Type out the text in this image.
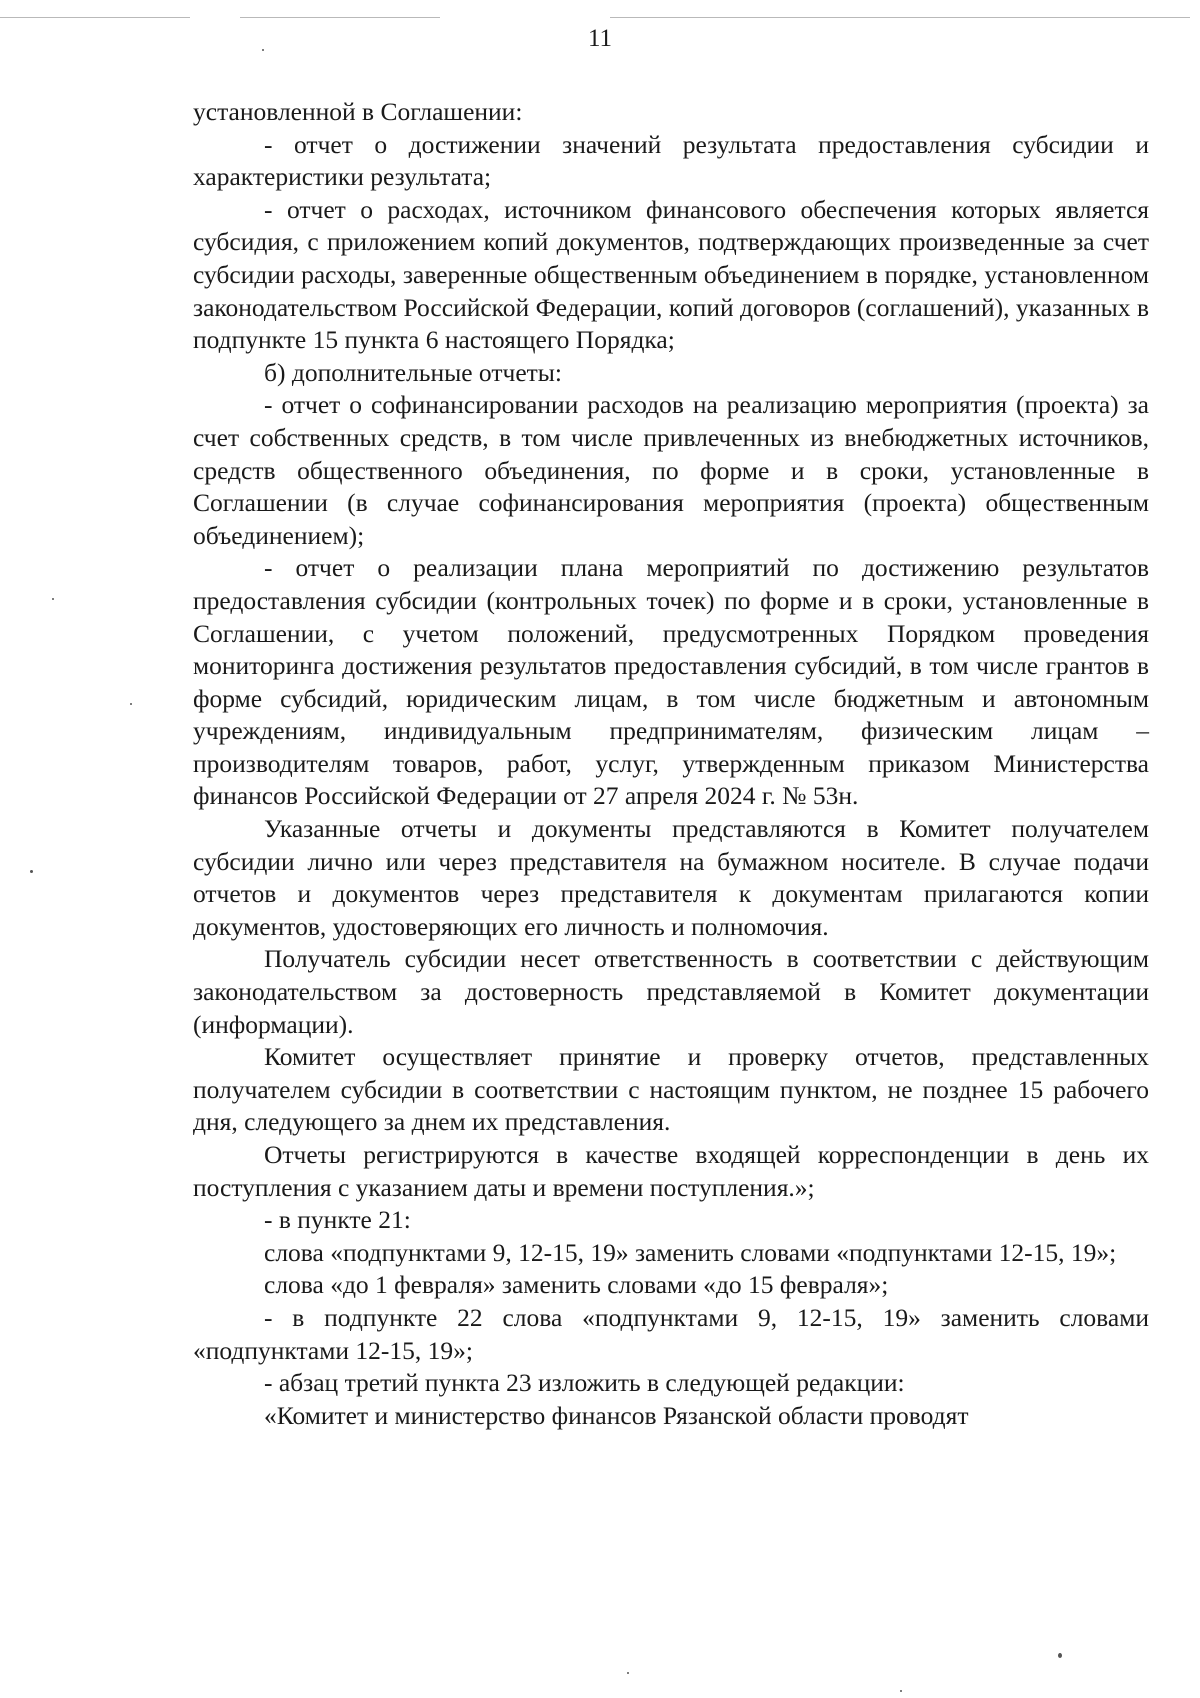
11

установленной в Соглашении:

- отчет о достижении значений результата предоставления субсидии и характеристики результата;

- отчет о расходах, источником финансового обеспечения которых является субсидия, с приложением копий документов, подтверждающих произведенные за счет субсидии расходы, заверенные общественным объединением в порядке, установленном законодательством Российской Федерации, копий договоров (соглашений), указанных в подпункте 15 пункта 6 настоящего Порядка;

б) дополнительные отчеты:

- отчет о софинансировании расходов на реализацию мероприятия (проекта) за счет собственных средств, в том числе привлеченных из внебюджетных источников, средств общественного объединения, по форме и в сроки, установленные в Соглашении (в случае софинансирования мероприятия (проекта) общественным объединением);

- отчет о реализации плана мероприятий по достижению результатов предоставления субсидии (контрольных точек) по форме и в сроки, установленные в Соглашении, с учетом положений, предусмотренных Порядком проведения мониторинга достижения результатов предоставления субсидий, в том числе грантов в форме субсидий, юридическим лицам, в том числе бюджетным и автономным учреждениям, индивидуальным предпринимателям, физическим лицам – производителям товаров, работ, услуг, утвержденным приказом Министерства финансов Российской Федерации от 27 апреля 2024 г. № 53н.

Указанные отчеты и документы представляются в Комитет получателем субсидии лично или через представителя на бумажном носителе. В случае подачи отчетов и документов через представителя к документам прилагаются копии документов, удостоверяющих его личность и полномочия.

Получатель субсидии несет ответственность в соответствии с действующим законодательством за достоверность представляемой в Комитет документации (информации).

Комитет осуществляет принятие и проверку отчетов, представленных получателем субсидии в соответствии с настоящим пунктом, не позднее 15 рабочего дня, следующего за днем их представления.

Отчеты регистрируются в качестве входящей корреспонденции в день их поступления с указанием даты и времени поступления.»;

- в пункте 21:

слова «подпунктами 9, 12-15, 19» заменить словами «подпунктами 12-15, 19»;

слова «до 1 февраля» заменить словами «до 15 февраля»;

- в подпункте 22 слова «подпунктами 9, 12-15, 19» заменить словами «подпунктами 12-15, 19»;

- абзац третий пункта 23 изложить в следующей редакции:

«Комитет и министерство финансов Рязанской области проводят
